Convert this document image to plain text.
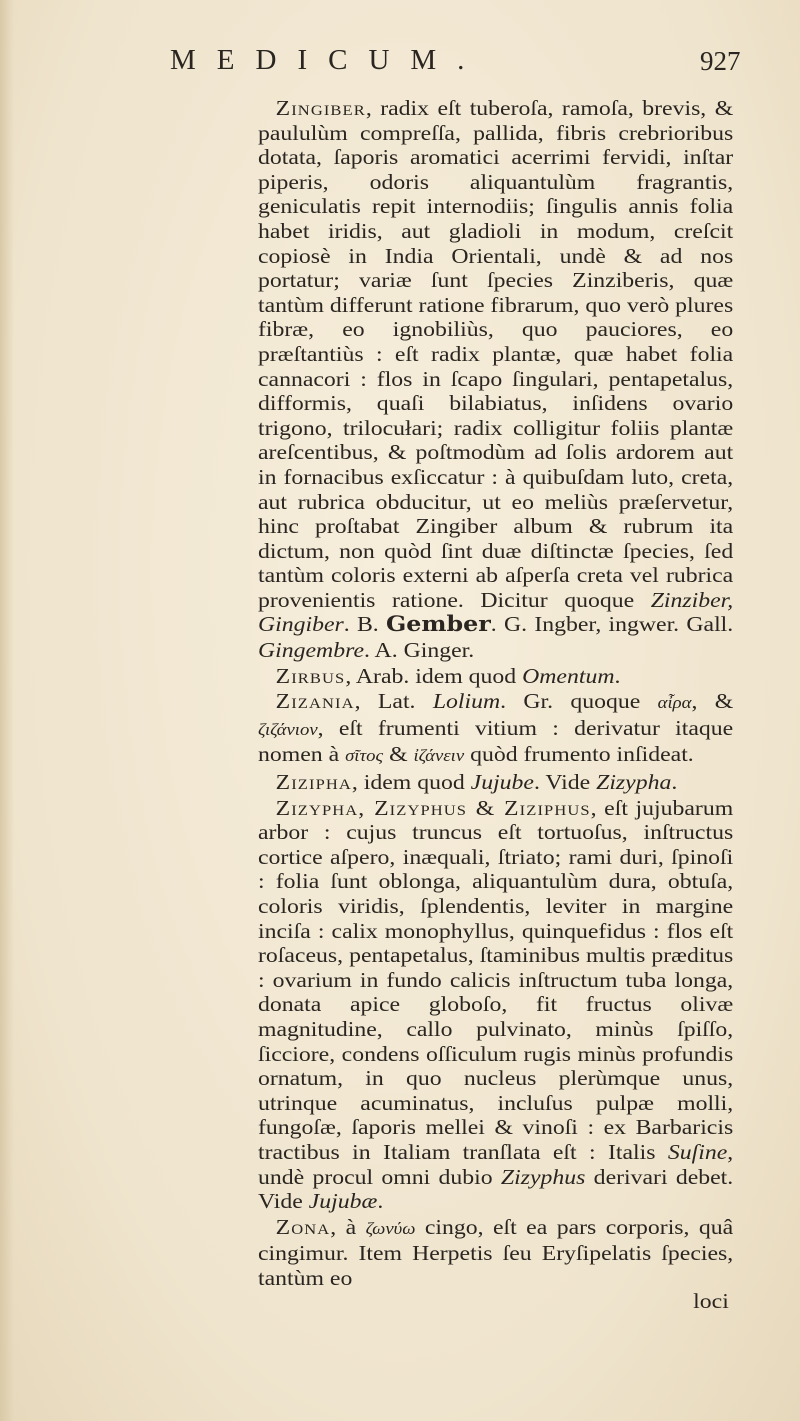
MEDICUM.	927

Zingiber, radix eſt tuberoſa, ramoſa, brevis, & paululùm compreſſa, pallida, fibris crebrioribus dotata, ſaporis aromatici acerrimi fervidi, inſtar piperis, odoris aliquantulùm fragrantis, geniculatis repit internodiis; ſingulis annis folia habet iridis, aut gladioli in modum, creſcit copiosè in India Orientali, undè & ad nos portatur; variæ ſunt ſpecies Zinziberis, quæ tantùm differunt ratione fibrarum, quo verò plures fibræ, eo ignobiliùs, quo pauciores, eo præſtantiùs : eſt radix plantæ, quæ habet folia cannacori : flos in ſcapo ſingulari, pentapetalus, difformis, quaſi bilabiatus, inſidens ovario trigono, trilocułari; radix colligitur foliis plantæ areſcentibus, & poſtmodùm ad ſolis ardorem aut in fornacibus exſiccatur : à quibuſdam luto, creta, aut rubrica obducitur, ut eo meliùs præſervetur, hinc proſtabat Zingiber album & rubrum ita dictum, non quòd ſint duæ diſtinctæ ſpecies, ſed tantùm coloris externi ab aſperſa creta vel rubrica provenientis ratione. Dicitur quoque Zinziber, Gingiber. B. Gember. G. Ingber, ingwer. Gall. Gingembre. A. Ginger.

Zirbus, Arab. idem quod Omentum.

Zizania, Lat. Lolium. Gr. quoque αἶρα, & ζιζάνιον, eſt frumenti vitium : derivatur itaque nomen à σῖτος & ἰζάνειν quòd frumento inſideat.

Zizipha, idem quod Jujube. Vide Zizypha.

Zizypha, Zizyphus & Ziziphus, eſt jujubarum arbor : cujus truncus eſt tortuoſus, inſtructus cortice aſpero, inæquali, ſtriato; rami duri, ſpinoſi : folia ſunt oblonga, aliquantulùm dura, obtuſa, coloris viridis, ſplendentis, leviter in margine inciſa : calix monophyllus, quinquefidus : flos eſt roſaceus, pentapetalus, ſtaminibus multis præditus : ovarium in fundo calicis inſtructum tuba longa, donata apice globoſo, fit fructus olivæ magnitudine, callo pulvinato, minùs ſpiſſo, ſicciore, condens oſſiculum rugis minùs profundis ornatum, in quo nucleus plerùmque unus, utrinque acuminatus, incluſus pulpæ molli, fungoſæ, ſaporis mellei & vinoſi : ex Barbaricis tractibus in Italiam tranſlata eſt : Italis Suſine, undè procul omni dubio Zizyphus derivari debet. Vide Jujubæ.

Zona, à ζωνύω cingo, eſt ea pars corporis, quâ cingimur. Item Herpetis ſeu Eryſipelatis ſpecies, tantùm eo

loci
